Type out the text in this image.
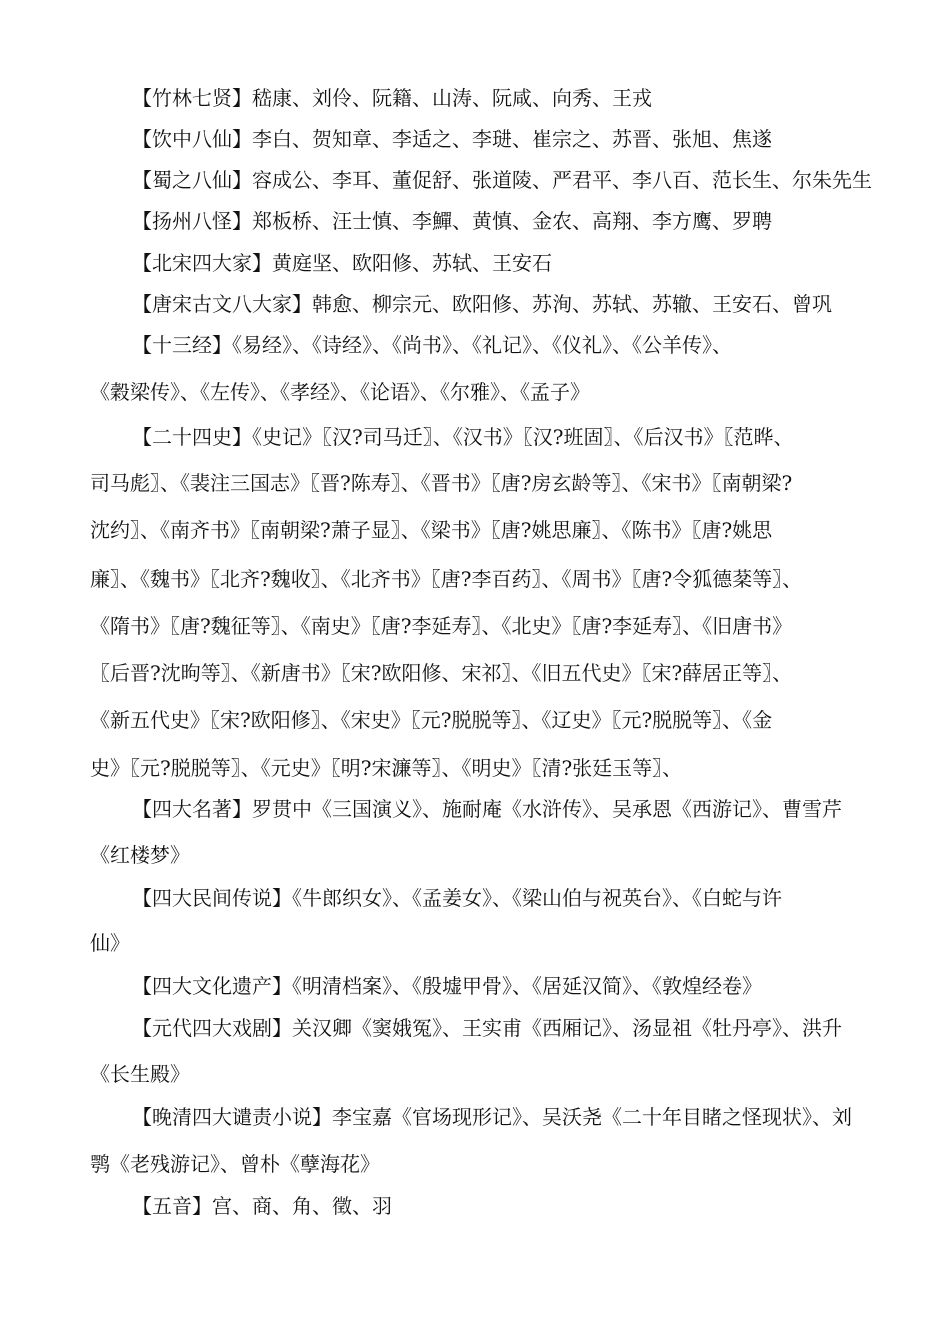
【竹林七贤】嵇康、刘伶、阮籍、山涛、阮咸、向秀、王戎
【饮中八仙】李白、贺知章、李适之、李琎、崔宗之、苏晋、张旭、焦遂
【蜀之八仙】容成公、李耳、董促舒、张道陵、严君平、李八百、范长生、尔朱先生
【扬州八怪】郑板桥、汪士慎、李鱓、黄慎、金农、高翔、李方鹰、罗聘
【北宋四大家】黄庭坚、欧阳修、苏轼、王安石
【唐宋古文八大家】韩愈、柳宗元、欧阳修、苏洵、苏轼、苏辙、王安石、曾巩
【十三经】《易经》、《诗经》、《尚书》、《礼记》、《仪礼》、《公羊传》、
《穀梁传》、《左传》、《孝经》、《论语》、《尔雅》、《孟子》
【二十四史】《史记》〖汉?司马迁〗、《汉书》〖汉?班固〗、《后汉书》〖范晔、
司马彪〗、《裴注三国志》〖晋?陈寿〗、《晋书》〖唐?房玄龄等〗、《宋书》〖南朝梁?
沈约〗、《南齐书》〖南朝梁?萧子显〗、《梁书》〖唐?姚思廉〗、《陈书》〖唐?姚思
廉〗、《魏书》〖北齐?魏收〗、《北齐书》〖唐?李百药〗、《周书》〖唐?令狐德棻等〗、
《隋书》〖唐?魏征等〗、《南史》〖唐?李延寿〗、《北史》〖唐?李延寿〗、《旧唐书》
〖后晋?沈昫等〗、《新唐书》〖宋?欧阳修、宋祁〗、《旧五代史》〖宋?薛居正等〗、
《新五代史》〖宋?欧阳修〗、《宋史》〖元?脱脱等〗、《辽史》〖元?脱脱等〗、《金
史》〖元?脱脱等〗、《元史》〖明?宋濂等〗、《明史》〖清?张廷玉等〗、
【四大名著】罗贯中《三国演义》、施耐庵《水浒传》、吴承恩《西游记》、曹雪芹
《红楼梦》
【四大民间传说】《牛郎织女》、《孟姜女》、《梁山伯与祝英台》、《白蛇与许
仙》
【四大文化遗产】《明清档案》、《殷墟甲骨》、《居延汉简》、《敦煌经卷》
【元代四大戏剧】关汉卿《窦娥冤》、王实甫《西厢记》、汤显祖《牡丹亭》、洪升
《长生殿》
【晚清四大谴责小说】李宝嘉《官场现形记》、吴沃尧《二十年目睹之怪现状》、刘
鹗《老残游记》、曾朴《孽海花》
【五音】宫、商、角、徵、羽
